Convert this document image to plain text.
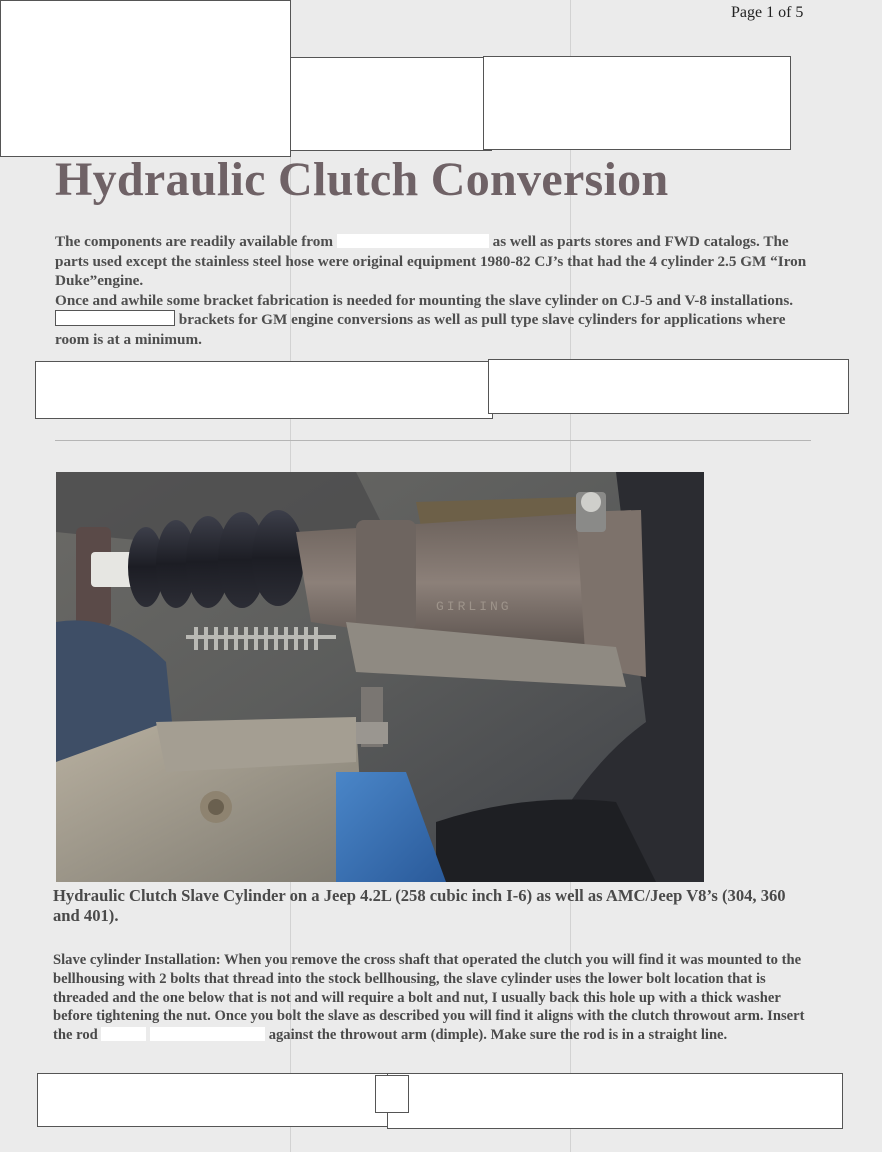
Page 1 of 5
Hydraulic Clutch Conversion

The components are readily available from	as well as parts stores and FWD catalogs. The parts used except the stainless steel hose were original equipment 1980-82 CJ’s that had the 4 cylinder 2.5 GM “Iron Duke”engine.
Once and awhile some bracket fabrication is needed for mounting the slave cylinder on CJ-5 and V-8 installations.  brackets for GM engine conversions as well as pull type slave cylinders for applications where room is at a minimum.

GIRLING

Hydraulic Clutch Slave Cylinder on a Jeep 4.2L (258 cubic inch I-6) as well as AMC/Jeep V8’s (304, 360 and 401).

Slave cylinder Installation: When you remove the cross shaft that operated the clutch you will find it was mounted to the bellhousing with 2 bolts that thread into the stock bellhousing, the slave cylinder uses the lower bolt location that is threaded and the one below that is not and will require a bolt and nut, I usually back this hole up with a thick washer before tightening the nut. Once you bolt the slave as described you will find it aligns with the clutch throwout arm. Insert the rod	against the throwout arm (dimple). Make sure the rod is in a straight line.
